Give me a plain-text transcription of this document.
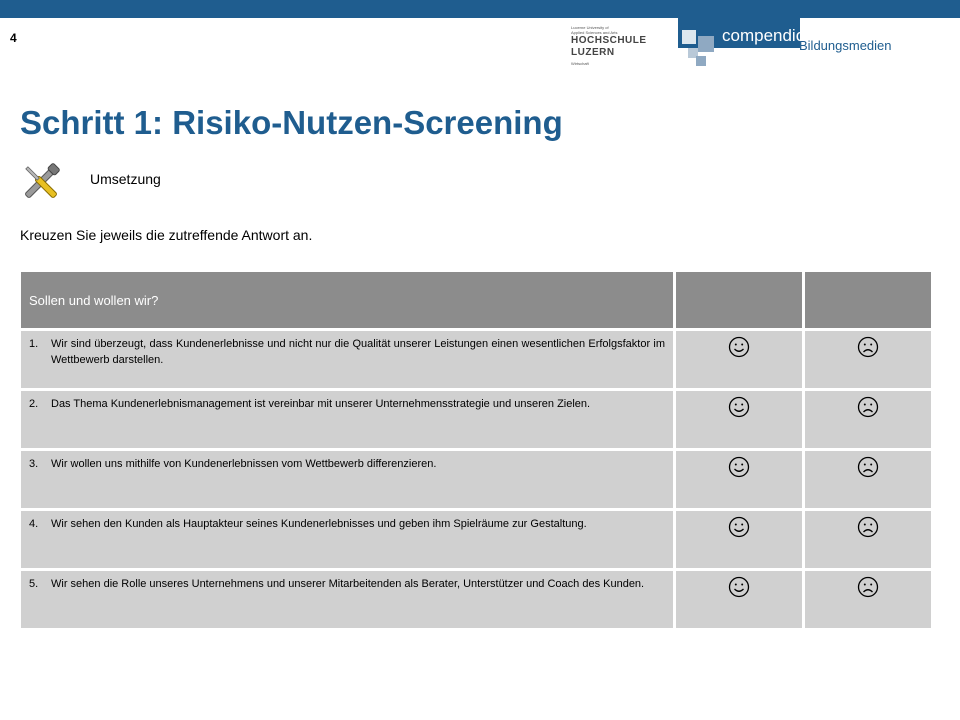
4
Lucerne University of
Applied Sciences and Arts
HOCHSCHULE
LUZERN
Wirtschaft
compendio
Bildungsmedien
Schritt 1: Risiko-Nutzen-Screening
Umsetzung
Kreuzen Sie jeweils die zutreffende Antwort an.
Sollen und wollen wir?		

1. Wir sind überzeugt, dass Kundenerlebnisse und nicht nur die Qualität unserer Leistungen einen wesentlichen Erfolgsfaktor im Wettbewerb darstellen.

2. Das Thema Kundenerlebnismanagement ist vereinbar mit unserer Unternehmensstrategie und unseren Zielen.

3. Wir wollen uns mithilfe von Kundenerlebnissen vom Wettbewerb differenzieren.

4. Wir sehen den Kunden als Hauptakteur seines Kundenerlebnisses und geben ihm Spielräume zur Gestaltung.

5. Wir sehen die Rolle unseres Unternehmens und unserer Mitarbeitenden als Berater, Unterstützer und Coach des Kunden.
